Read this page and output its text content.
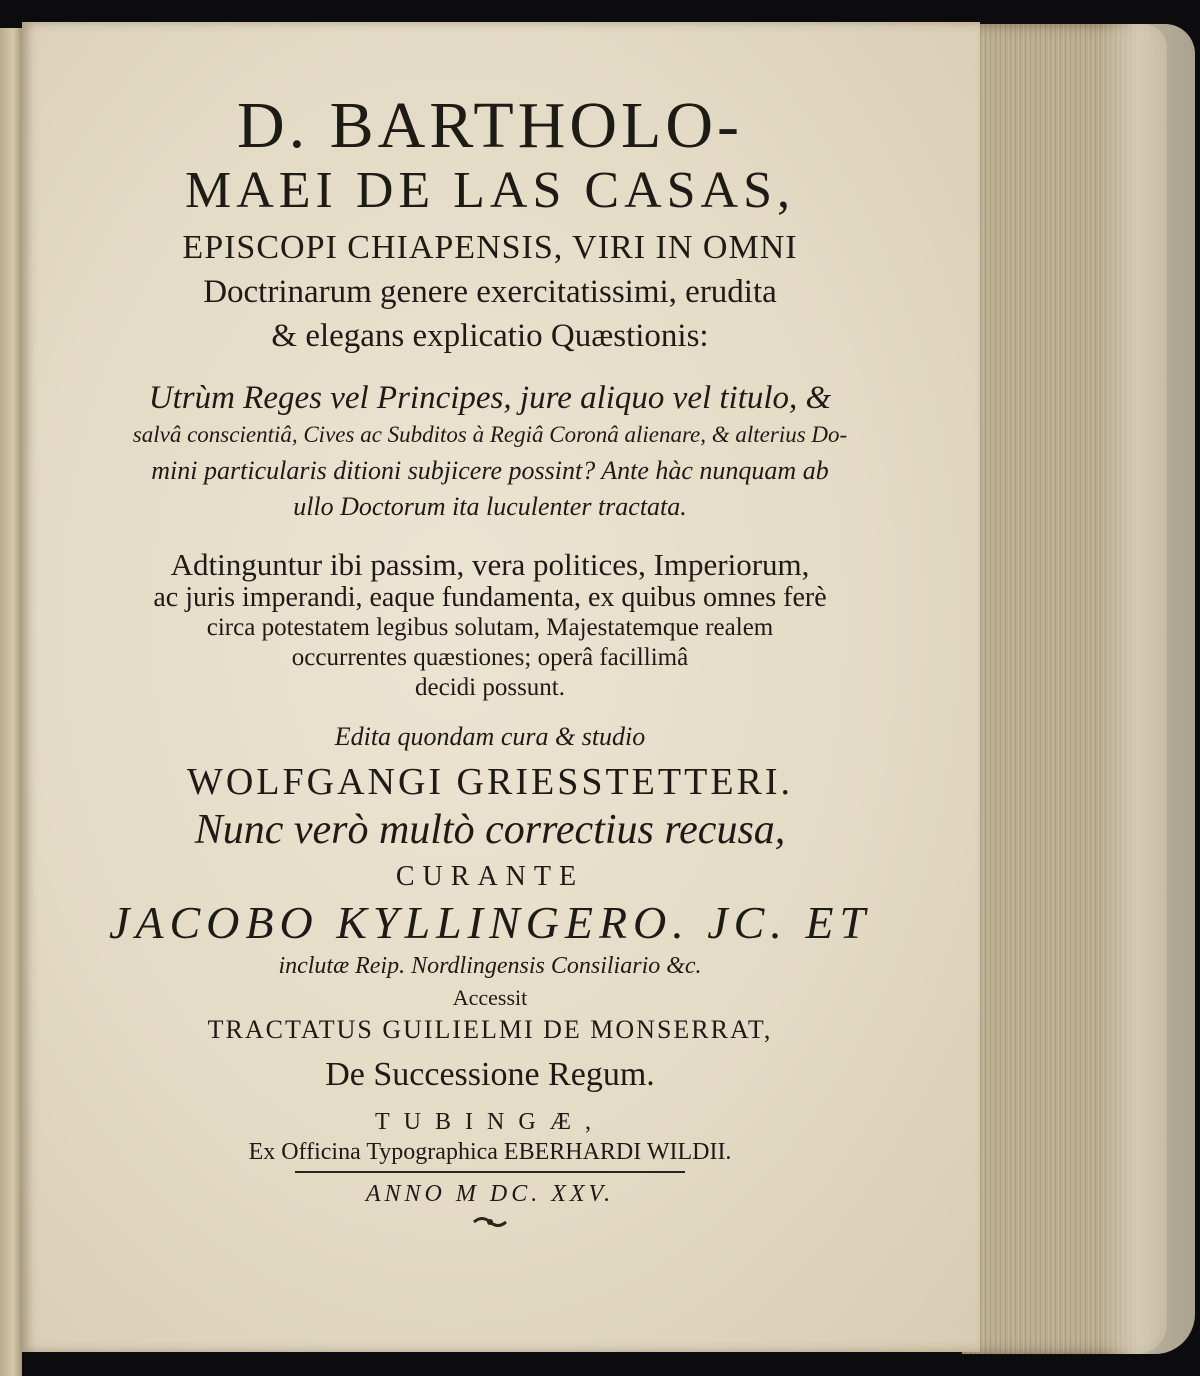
D. BARTHOLO-
MAEI DE LAS CASAS,
EPISCOPI CHIAPENSIS, VIRI IN OMNI
Doctrinarum genere exercitatissimi, erudita
& elegans explicatio Quæstionis:
Utrùm Reges vel Principes, jure aliquo vel titulo, &
salvâ conscientiâ, Cives ac Subditos à Regiâ Coronâ alienare, & alterius Do-
mini particularis ditioni subjicere possint? Ante hàc nunquam ab
ullo Doctorum ita luculenter tractata.
Adtinguntur ibi passim, vera politices, Imperiorum,
ac juris imperandi, eaque fundamenta, ex quibus omnes ferè
circa potestatem legibus solutam, Majestatemque realem
occurrentes quæstiones; operâ facillimâ
decidi possunt.
Edita quondam cura & studio
WOLFGANGI GRIESSTETTERI.
Nunc verò multò correctius recusa,
CURANTE
JACOBO KYLLINGERO. JC. ET
inclutæ Reip. Nordlingensis Consiliario &c.
Accessit
TRACTATUS GUILIELMI DE MONSERRAT,
De Successione Regum.
TUBINGÆ,
Ex Officina Typographica EBERHARDI WILDII.
ANNO M DC. XXV.
